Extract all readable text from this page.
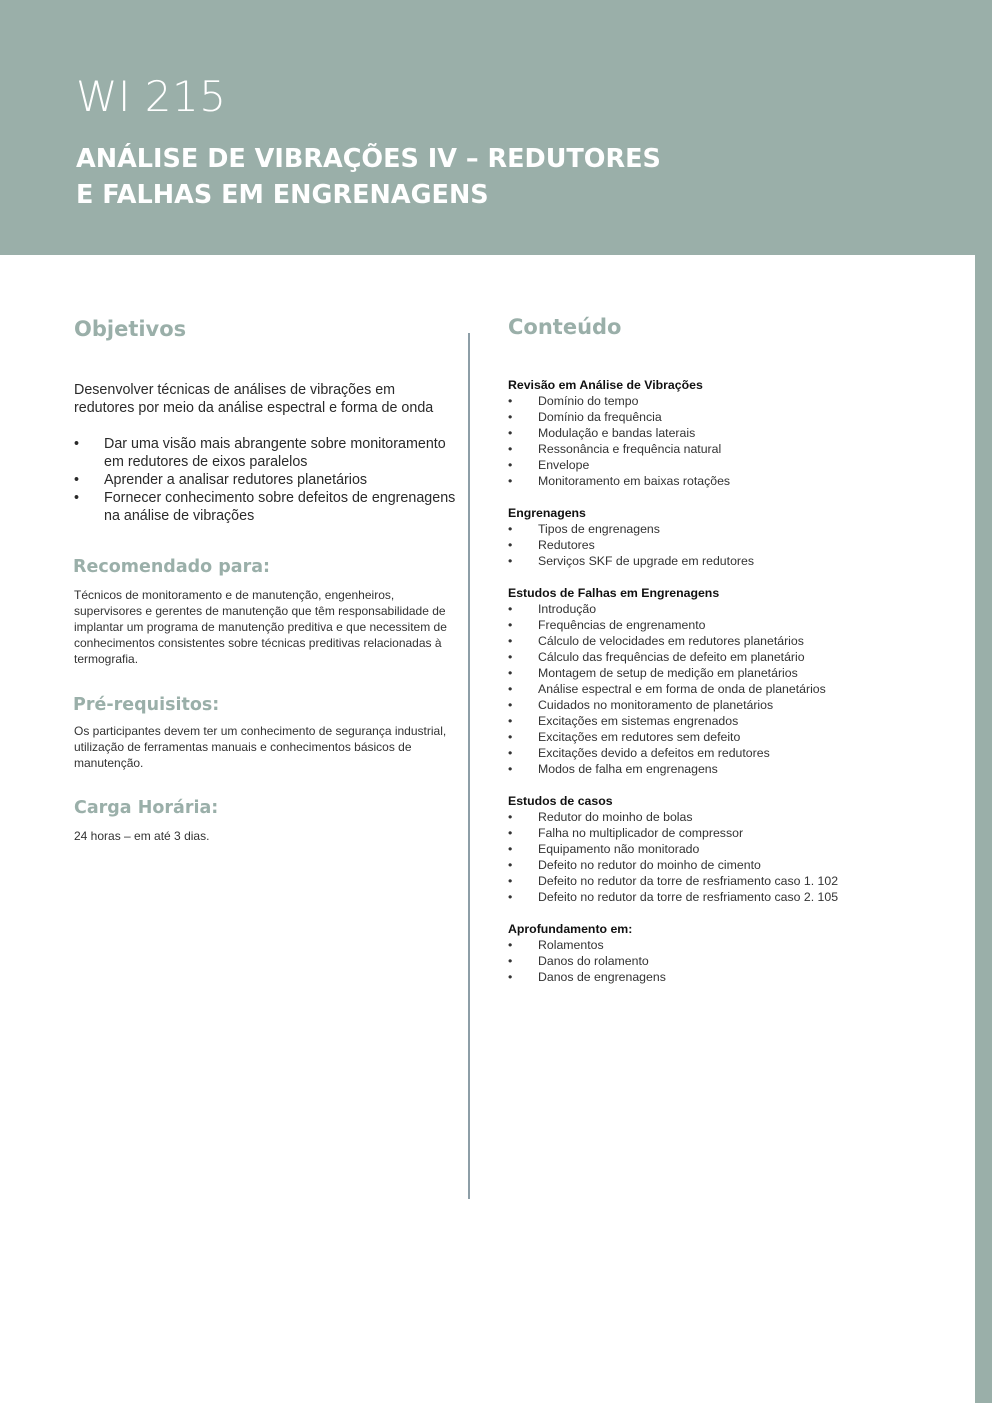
WI 215
ANÁLISE DE VIBRAÇÕES IV – REDUTORES
E FALHAS EM ENGRENAGENS
Objetivos

Desenvolver técnicas de análises de vibrações em redutores por meio da análise espectral e forma de onda

• Dar uma visão mais abrangente sobre monitoramento em redutores de eixos paralelos
• Aprender a analisar redutores planetários
• Fornecer conhecimento sobre defeitos de engrenagens na análise de vibrações
Recomendado para:

Técnicos de monitoramento e de manutenção, engenheiros, supervisores e gerentes de manutenção que têm responsabilidade de implantar um programa de manutenção preditiva e que necessitem de conhecimentos consistentes sobre técnicas preditivas relacionadas à termografia.

Pré-requisitos:

Os participantes devem ter um conhecimento de segurança industrial, utilização de ferramentas manuais e conhecimentos básicos de manutenção.

Carga Horária:

24 horas – em até 3 dias.

Conteúdo
Revisão em Análise de Vibrações
• Domínio do tempo
• Domínio da frequência
• Modulação e bandas laterais
• Ressonância e frequência natural
• Envelope
• Monitoramento em baixas rotações
Engrenagens
• Tipos de engrenagens
• Redutores
• Serviços SKF de upgrade em redutores
Estudos de Falhas em Engrenagens
• Introdução
• Frequências de engrenamento
• Cálculo de velocidades em redutores planetários
• Cálculo das frequências de defeito em planetário
• Montagem de setup de medição em planetários
• Análise espectral e em forma de onda de planetários
• Cuidados no monitoramento de planetários
• Excitações em sistemas engrenados
• Excitações em redutores sem defeito
• Excitações devido a defeitos em redutores
• Modos de falha em engrenagens
Estudos de casos
• Redutor do moinho de bolas
• Falha no multiplicador de compressor
• Equipamento não monitorado
• Defeito no redutor do moinho de cimento
• Defeito no redutor da torre de resfriamento caso 1. 102
• Defeito no redutor da torre de resfriamento caso 2. 105
Aprofundamento em:
• Rolamentos
• Danos do rolamento
• Danos de engrenagens
